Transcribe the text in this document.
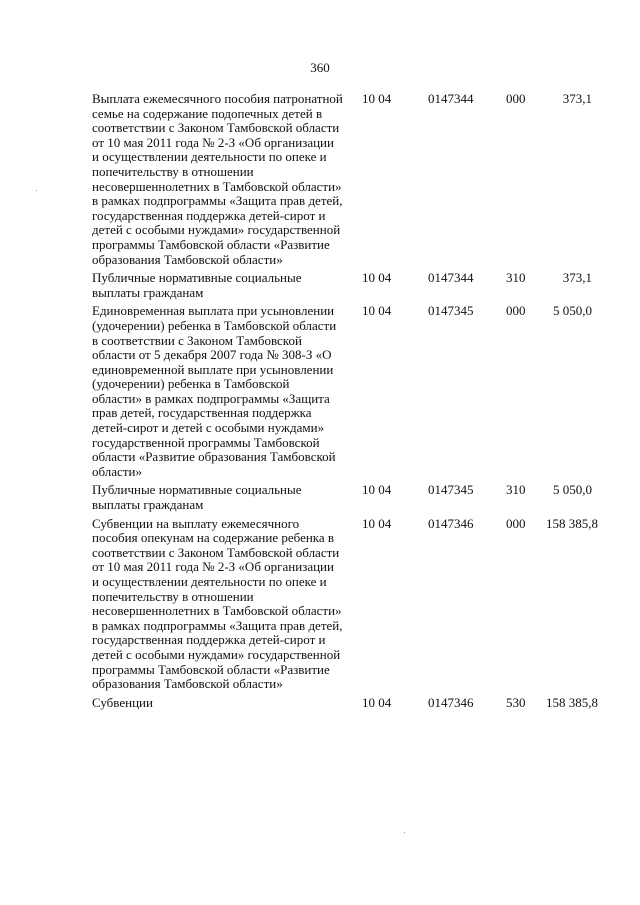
360
Выплата ежемесячного пособия патронатной
семье на содержание подопечных детей в
соответствии с Законом Тамбовской области
от 10 мая 2011 года № 2-З «Об организации
и осуществлении деятельности по опеке и
попечительству в отношении
несовершеннолетних в Тамбовской области»
в рамках подпрограммы «Защита прав детей,
государственная поддержка детей-сирот и
детей с особыми нуждами» государственной
программы Тамбовской области «Развитие
образования Тамбовской области»
10 04	0147344	000	373,1
Публичные нормативные социальные
выплаты гражданам
10 04	0147344	310	373,1
Единовременная выплата при усыновлении
(удочерении) ребенка в Тамбовской области
в соответствии с Законом Тамбовской
области от 5 декабря 2007 года № 308-З «О
единовременной выплате при усыновлении
(удочерении) ребенка в Тамбовской
области» в рамках подпрограммы «Защита
прав детей, государственная поддержка
детей-сирот и детей с особыми нуждами»
государственной программы Тамбовской
области «Развитие образования Тамбовской
области»
10 04	0147345	000	5 050,0
Публичные нормативные социальные
выплаты гражданам
10 04	0147345	310	5 050,0
Субвенции на выплату ежемесячного
пособия опекунам на содержание ребенка в
соответствии с Законом Тамбовской области
от 10 мая 2011 года № 2-З «Об организации
и осуществлении деятельности по опеке и
попечительству в отношении
несовершеннолетних в Тамбовской области»
в рамках подпрограммы «Защита прав детей,
государственная поддержка детей-сирот и
детей с особыми нуждами» государственной
программы Тамбовской области «Развитие
образования Тамбовской области»
10 04	0147346	000	158 385,8
Субвенции	10 04	0147346	530	158 385,8
